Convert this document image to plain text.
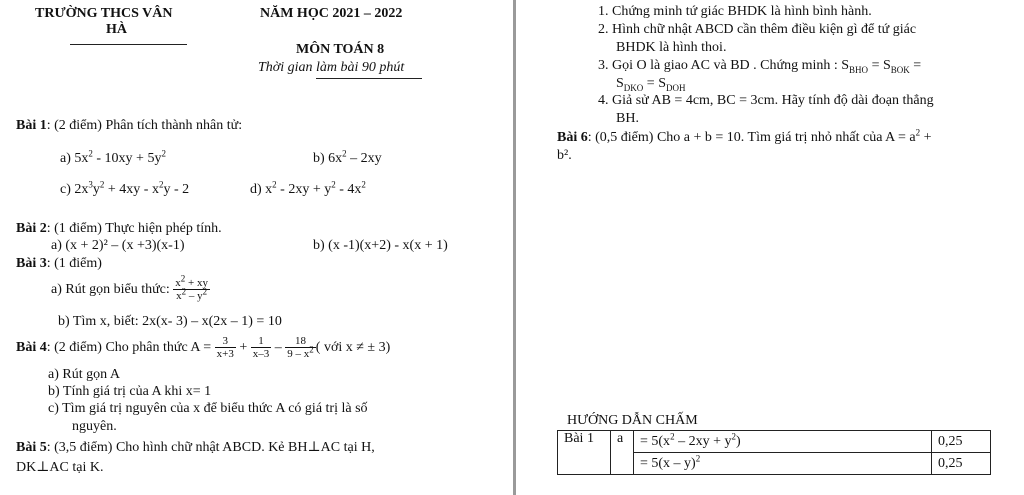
TRƯỜNG THCS VÂN
HÀ
NĂM HỌC 2021 – 2022
MÔN TOÁN 8
Thời gian làm bài 90 phút
Bài 1: (2 điểm) Phân tích thành nhân tử:
a) $5x^2 - 10xy + 5y^2$	b) $6x^2 - 2xy$
c) $2x^3y^2 + 4xy - x^2y - 2$	d) $x^2 - 2xy + y^2 - 4x^2$
Bài 2: (1 điểm) Thực hiện phép tính.
a) (x + 2)² – (x +3)(x-1)	b) (x -1)(x+2) - x(x + 1)
Bài 3: (1 điểm)
a) Rút gọn biểu thức: $\frac{x^2 + xy}{x^2 - y^2}$
b) Tìm x, biết: 2x(x- 3) – x(2x – 1) = 10
Bài 4: (2 điểm) Cho phân thức $A = \frac{3}{x+3} + \frac{1}{x-3} - \frac{18}{9 - x^2}$ ( với x ≠ ± 3)
a) Rút gọn A
b) Tính giá trị của A khi x= 1
c) Tìm giá trị nguyên của x để biểu thức A có giá trị là số
nguyên.
Bài 5: (3,5 điểm) Cho hình chữ nhật ABCD. Kẻ BH⊥AC tại H,
DK⊥AC tại K.
1. Chứng minh tứ giác BHDK là hình bình hành.
2. Hình chữ nhật ABCD cần thêm điều kiện gì để tứ giác
BHDK là hình thoi.
3. Gọi O là giao AC và BD . Chứng minh : $S_{BHO} = S_{BOK}$ =
$S_{DKO} = S_{DOH}$
4. Giả sử AB = 4cm, BC = 3cm. Hãy tính độ dài đoạn thẳng
BH.
Bài 6: (0,5 điểm) Cho a + b = 10. Tìm giá trị nhỏ nhất của $A = a^2$ +
b².
HƯỚNG DẪN CHẤM
Bài 1	a	= $5(x^2 - 2xy + y^2)$	0,25
		= 5(x – y)$^2$	0,25
